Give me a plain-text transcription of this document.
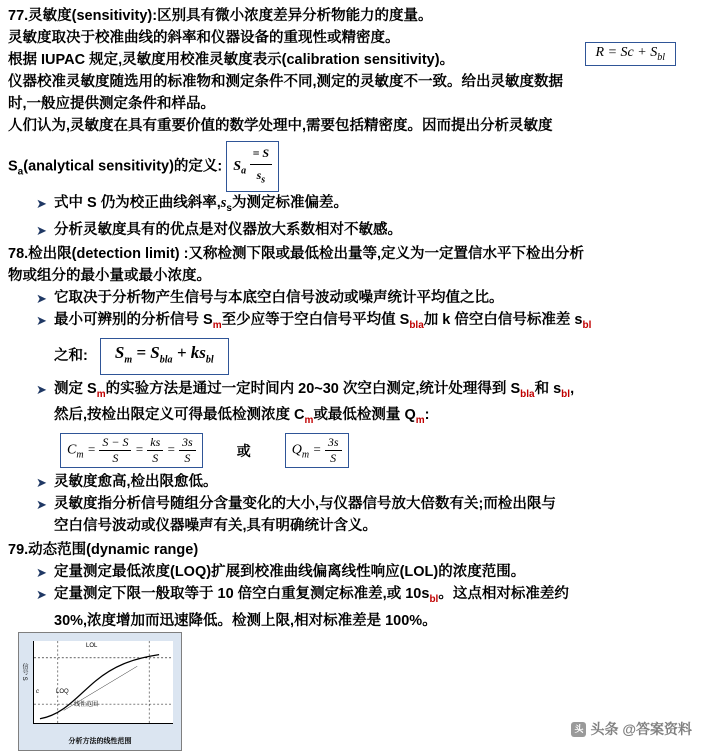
77.灵敏度(sensitivity):区别具有微小浓度差异分析物能力的度量。
灵敏度取决于校准曲线的斜率和仪器设备的重现性或精密度。
根据 IUPAC 规定,灵敏度用校准灵敏度表示(calibration sensitivity)。	$R = Sc + S_{bl}$
仪器校准灵敏度随选用的标准物和测定条件不同,测定的灵敏度不一致。给出灵敏度数据
时,一般应提供测定条件和样品。
人们认为,灵敏度在具有重要价值的数学处理中,需要包括精密度。因而提出分析灵敏度
$S_a(analytical$ sensitivity)的定义: $S_a \frac{= S}{s_s}$
➤ 式中 S 仍为校正曲线斜率$,s_s$为测定标准偏差。
➤ 分析灵敏度具有的优点是对仪器放大系数相对不敏感。
78.检出限(detection limit) :又称检测下限或最低检出量等,定义为一定置信水平下检出分析
物或组分的最小量或最小浓度。
➤ 它取决于分析物产生信号与本底空白信号波动或噪声统计平均值之比。
➤ 最小可辨别的分析信号 $S_m$至少应等于空白信号平均值 $S_{bla}$加 k 倍空白信号标准差 $s_{bl}$
之和: $S_m = S_{bla} + ks_{bl}$
➤ 测定 $S_m$的实验方法是通过一定时间内 20~30 次空白测定,统计处理得到 $S_{bla}$和 $s_{bl}$,
然后,按检出限定义可得最低检测浓度 $C_m$或最低检测量 $Q_m$:
$C_m = \frac{S - S}{S} = \frac{ks}{S} = \frac{3s}{S}$	或	$Q_m = \frac{3s}{S}$
➤ 灵敏度愈高,检出限愈低。
➤ 灵敏度指分析信号随组分含量变化的大小,与仪器信号放大倍数有关;而检出限与
空白信号波动或仪器噪声有关,具有明确统计含义。
79.动态范围(dynamic range)
➤ 定量测定最低浓度(LOQ)扩展到校准曲线偏离线性响应(LOL)的浓度范围。
➤ 定量测定下限一般取等于 10 倍空白重复测定标准差,或 $10s_{bl}$。这点相对标准差约
30%,浓度增加而迅速降低。检测上限,相对标准差是 100%。
信号 S
LOL
LOQ
c
线性范围
分析方法的线性范围
头 头条 @答案资料
